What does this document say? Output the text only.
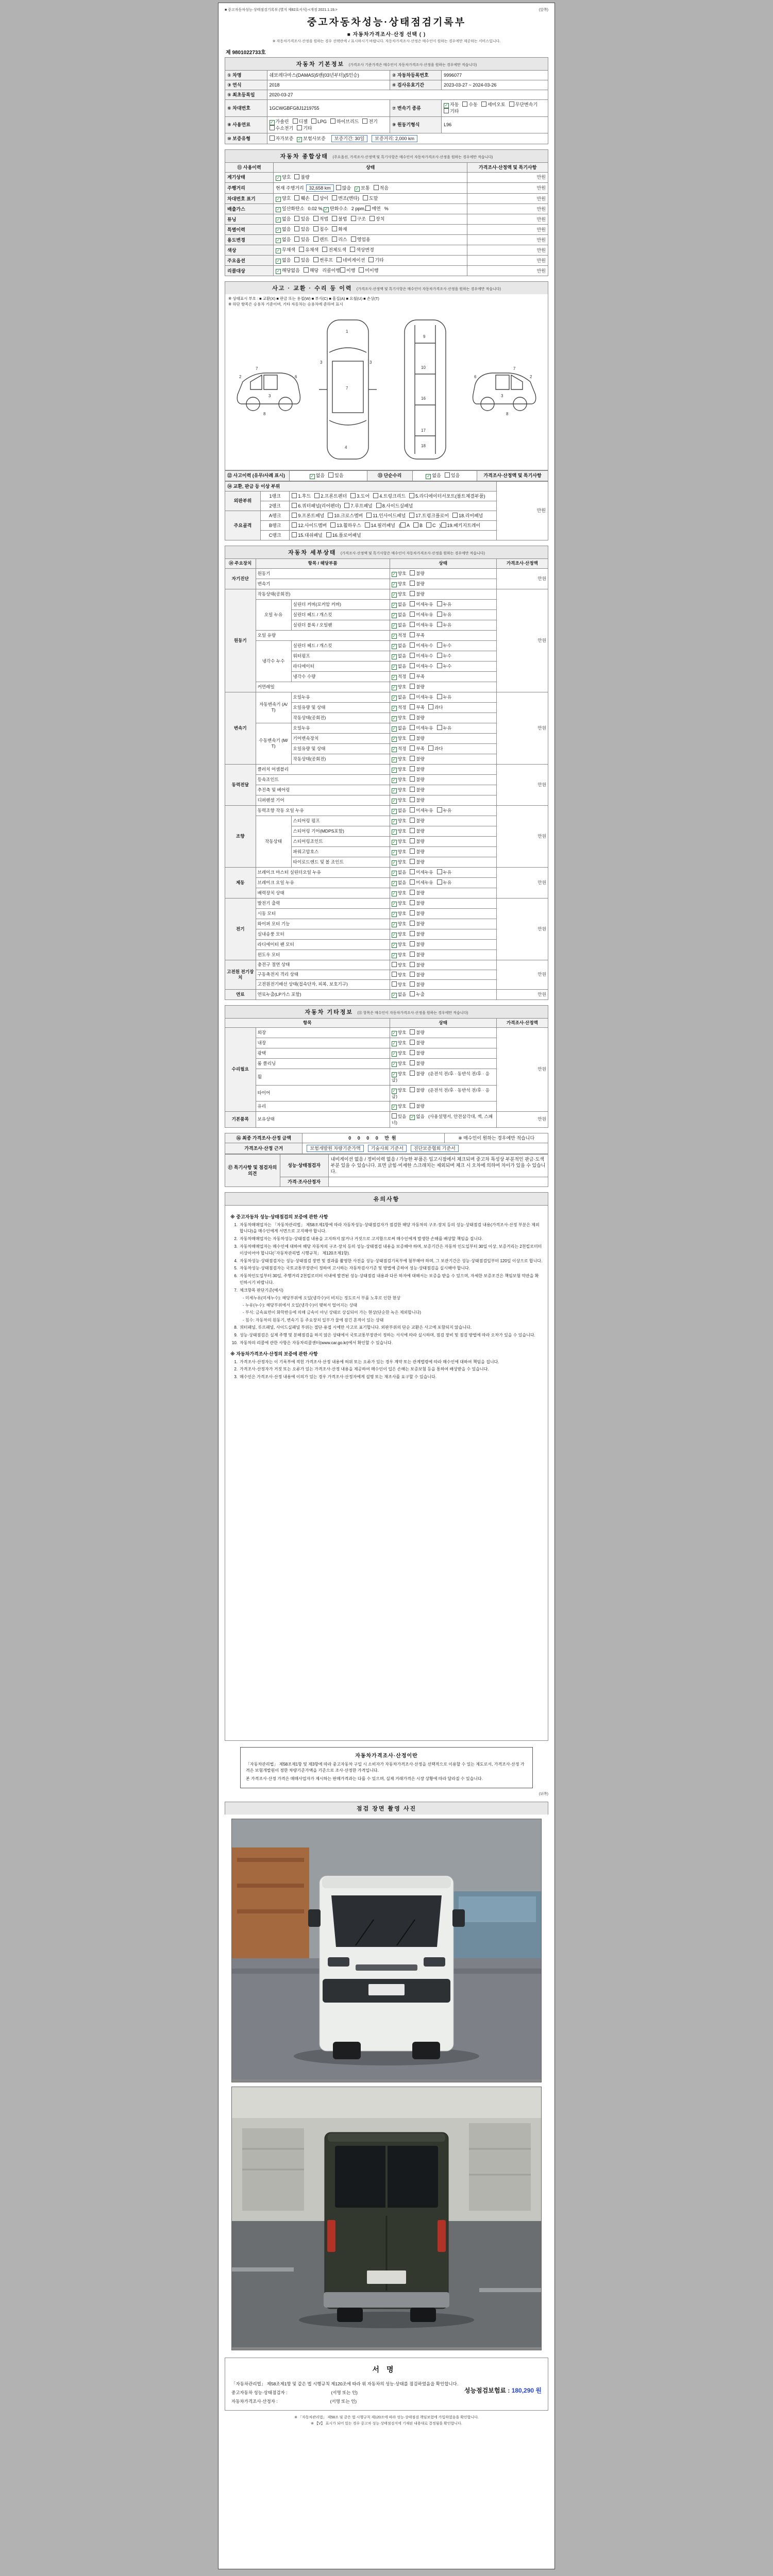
■ 중고자동차성능·상태점검기록부 (별지 제82호서식) <개정 2021.1.19.>	(앞쪽)
중고자동차성능·상태점검기록부
■ 자동차가격조사·산정 선택 ( )
※ 자동차가격조사·산정을 원하는 경우 선택란에 √ 표시하시기 바랍니다. 자동차가격조사·산정은 매수인이 원하는 경우에만 제공하는 서비스입니다.
제 9801022733호
자동차 기본정보 (가격조사 기준가격은 매수인이 자동차가격조사·산정을 원하는 경우에만 적습니다)
① 차명	쉐보레다마스(DAMAS)5밴(03년부터)(5인승)	② 자동차등록번호	9996077
③ 연식	2018	④ 검사유효기간	2023-03-27 ~ 2024-03-26
⑤ 최초등록일	2020-03-27		
⑥ 차대번호	1GCWGBFG8J1219755	⑦ 변속기 종류	✓ 자동 수동 세미오토 무단변속기기타
⑧ 사용연료	✓ 가솔린 디젤 LPG 하이브리드 전기수소전기 기타	⑨ 원동기형식	L96
⑩ 보증유형	자가보증 ✓ 보험사보증 보증기간: 30일 보증거리: 2,000 km		
자동차 종합상태 (주요옵션, 가격조사·산정액 및 특기사항은 매수인이 자동차가격조사·산정을 원하는 경우에만 적습니다)
⑪ 사용이력	상태	가격조사·산정액 및 특기사항
계기상태	✓ 양호 불량	만원
주행거리	현재 주행거리 32,658 km 많음 ✓ 보통 적음	만원
차대번호 표기	✓ 양호 훼손 상이 변조(변타) 도말	만원
배출가스	✓ 일산화탄소 0.02 %, ✓ 탄화수소 2 ppm, 매연 %	만원
튜닝	✓ 없음 있음 적법 불법 구조 장치	만원
특별이력	✓ 없음 있음 침수 화재	만원
용도변경	✓ 없음 있음 렌트 리스 영업용	만원
색상	✓ 무채색 유채색 전체도색 색상변경	만원
주요옵션	✓ 없음 있음 썬루프 네비게이션 기타	만원
리콜대상	✓ 해당없음 해당 리콜이행 이행 미이행	만원
사고 · 교환 · 수리 등 이력 (가격조사·산정액 및 특기사항은 매수인이 자동차가격조사·산정을 원하는 경우에만 적습니다)
※ 상태표시 부호 : ■ 교환(X) ■ 판금 또는 용접(W) ■ 부식(C) ■ 흠집(A) ■ 요철(U) ■ 손상(T)
※ 하단 항목은 승용차 기준이며, 기타 자동차는 승용차에 준하여 표시
7
2
3
6
8
1
7
4
3	3
9
10
16
17
18
7
2
3
6
8
⑫ 사고이력 (유무/사례 표시)	✓ 없음 있음	⑬ 단순수리	✓ 없음 있음	가격조사·산정액 및 특기사항
⑭ 교환, 판금 등 이상 부위			만원
외판부위	1랭크	1.후드 2.프론트펜더 3.도어 4.트렁크리드 5.라디에이터서포트(볼트체결부품)	
	2랭크	6.쿼터패널(리어펜더) 7.루프패널 8.사이드실패널	
주요골격	A랭크	9.프론트패널 10.크로스멤버 11.인사이드패널 17.트렁크플로어 18.리어패널	
	B랭크	12.사이드멤버 13.휠하우스 14.필러패널 ( A B C ) 19.패키지트레이	
	C랭크	15.대쉬패널 16.플로어패널	
자동차 세부상태 (가격조사·산정액 및 특기사항은 매수인이 자동차가격조사·산정을 원하는 경우에만 적습니다)
⑭ 주요장치	항목 / 해당부품		상태	가격조사·산정액
자기진단	원동기		✓ 양호 불량	만원
	변속기		✓ 양호 불량	
원동기	작동상태(공회전)		✓ 양호 불량	만원
	오일 누유	실린더 커버(로커암 커버)	✓ 없음 미세누유 누유	
		실린더 헤드 / 개스킷	✓ 없음 미세누유 누유	
		실린더 블록 / 오일팬	✓ 없음 미세누유 누유	
	오일 유량		✓ 적정 부족	
	냉각수 누수	실린더 헤드 / 개스킷	✓ 없음 미세누수 누수	
		워터펌프	✓ 없음 미세누수 누수	
		라디에이터	✓ 없음 미세누수 누수	
		냉각수 수량	✓ 적정 부족	
	커먼레일		✓ 양호 불량	
변속기	자동변속기 (A/T)	오일누유	✓ 없음 미세누유 누유	만원
		오일유량 및 상태	✓ 적정 부족 과다	
		작동상태(공회전)	✓ 양호 불량	
	수동변속기 (M/T)	오일누유	✓ 없음 미세누유 누유	
		기어변속장치	✓ 양호 불량	
		오일유량 및 상태	✓ 적정 부족 과다	
		작동상태(공회전)	✓ 양호 불량	
동력전달	클러치 어셈블리		✓ 양호 불량	만원
	등속조인트		✓ 양호 불량	
	추진축 및 베어링		✓ 양호 불량	
	디퍼렌셜 기어		✓ 양호 불량	
조향	동력조향 작동 오일 누유		✓ 없음 미세누유 누유	만원
	작동상태	스티어링 펌프	✓ 양호 불량	
		스티어링 기어(MDPS포함)	✓ 양호 불량	
		스티어링조인트	✓ 양호 불량	
		파워고압호스	✓ 양호 불량	
		타이로드엔드 및 볼 조인트	✓ 양호 불량	
제동	브레이크 마스터 실린더오일 누유		✓ 없음 미세누유 누유	만원
	브레이크 오일 누유		✓ 없음 미세누유 누유	
	배력장치 상태		✓ 양호 불량	
전기	발전기 출력		✓ 양호 불량	만원
	시동 모터		✓ 양호 불량	
	와이퍼 모터 기능		✓ 양호 불량	
	실내송풍 모터		✓ 양호 불량	
	라디에이터 팬 모터		✓ 양호 불량	
	윈도우 모터		✓ 양호 불량	
고전원 전기장치	충전구 절연 상태		양호 불량	만원
	구동축전지 격리 상태		양호 불량	
	고전원전기배선 상태(접속단자, 피복, 보호기구)		양호 불량	
연료	연료누출(LP가스 포함)		✓ 없음 누출	만원
자동차 기타정보 (⑮ 항목은 매수인이 자동차가격조사·산정을 원하는 경우에만 적습니다)
항목		상태	가격조사·산정액
수리필요	외장	✓ 양호 불량	만원
	내장	✓ 양호 불량	
	광택	✓ 양호 불량	
	룸 클리닝	✓ 양호 불량	
	휠	✓ 양호 불량 (운전석 전/후 · 동반석 전/후 · 응급)	
	타이어	✓ 양호 불량 (운전석 전/후 · 동반석 전/후 · 응급)	
	유리	✓ 양호 불량	
기본품목	보유상태	있음 ✓ 없음 (사용설명서, 안전삼각대, 잭, 스패너)	만원
⑯ 최종 가격조사·산정 금액	0 0 0 0 만원	※ 매수인이 원하는 경우에만 적습니다
가격조사·산정 근거	보험개발원 차량기준가액 기술사회 기준서 진단보증협회 기준서	
⑰ 특기사항 및 점검자의 의견	성능·상태점검자	내비게이션 없음 / 정비이력 없음 / 가능한 부품은 입고시점에서 체크되며 중고차 특성상 부분적인 판금·도색 부분 있을 수 있습니다. 표면 긁힘·미세한 스크래치는 제외되며 체크 시 오차에 의하여 차이가 있을 수 있습니다.
	가격·조사산정자	
유의사항
※ 중고자동차 성능·상태점검의 보증에 관한 사항
1. 자동차매매업자는 「자동차관리법」 제58조제1항에 따라 자동차성능·상태점검자가 점검한 해당 자동차의 구조·장치 등의 성능·상태점검 내용(가격조사·산정 부분은 제외합니다)을 매수인에게 서면으로 고지해야 합니다.
2. 자동차매매업자는 자동차성능·상태점검 내용을 고지하지 않거나 거짓으로 고지함으로써 매수인에게 발생한 손해를 배상할 책임을 집니다.
3. 자동차매매업자는 매수인에 대하여 해당 자동차의 구조·장치 등의 성능·상태점검 내용을 보증해야 하며, 보증기간은 자동차 인도일부터 30일 이상, 보증거리는 2천킬로미터 이상이어야 합니다(「자동차관리법 시행규칙」 제120조제1항).
4. 자동차성능·상태점검자는 성능·상태점검 장면 및 결과를 촬영한 사진을 성능·상태점검기록부에 첨부해야 하며, 그 보관기간은 성능·상태점검일부터 120일 이상으로 합니다.
5. 자동차성능·상태점검자는 국토교통부장관이 정하여 고시하는 자동차검사기준 및 방법에 준하여 성능·상태점검을 실시해야 합니다.
6. 자동차인도일부터 30일, 주행거리 2천킬로미터 이내에 발견된 성능·상태점검 내용과 다른 하자에 대해서는 보증을 받을 수 있으며, 자세한 보증조건은 책임보험 약관을 확인하시기 바랍니다.
7. 체크항목 판단기준(예시)
- 미세누유(미세누수): 해당부위에 오일(냉각수)이 비치는 정도로서 부품 노후로 인한 현상
- 누유(누수): 해당부위에서 오일(냉각수)이 맺혀서 떨어지는 상태
- 부식: 금속표면이 화학반응에 의해 금속이 아닌 상태로 상실되어 가는 현상(단순한 녹은 제외합니다)
- 침수: 자동차의 원동기, 변속기 등 주요장치 일부가 물에 잠긴 흔적이 있는 상태
8. 쿼터패널, 루프패널, 사이드실패널 부위는 절단·용접 시에만 사고로 표기합니다. 외판부위의 단순 교환은 사고에 포함되지 않습니다.
9. 성능·상태점검은 실제 주행 및 분해점검을 하지 않은 상태에서 국토교통부장관이 정하는 서식에 따라 실시하며, 점검 장비 및 점검 방법에 따라 오차가 있을 수 있습니다.
10. 자동차의 리콜에 관한 사항은 자동차리콜센터(www.car.go.kr)에서 확인할 수 있습니다.
※ 자동차가격조사·산정의 보증에 관한 사항
1. 가격조사·산정자는 이 기록부에 적힌 가격조사·산정 내용에 허위 또는 오류가 있는 경우 계약 또는 관계법령에 따라 매수인에 대하여 책임을 집니다.
2. 가격조사·산정자가 거짓 또는 오류가 있는 가격조사·산정 내용을 제공하여 매수인이 입은 손해는 보증보험 등을 통하여 배상받을 수 있습니다.
3. 매수인은 가격조사·산정 내용에 이의가 있는 경우 가격조사·산정자에게 설명 또는 재조사를 요구할 수 있습니다.
자동차가격조사·산정이란
「자동차관리법」 제58조제1항 및 제3항에 따라 중고자동차 구입 시 소비자가 자동차가격조사·산정을 선택적으로 이용할 수 있는 제도로서, 가격조사·산정 가격은 보험개발원이 정한 차량기준가액을 기준으로 조사·산정한 가격입니다.
본 가격조사·산정 가격은 매매사업자가 제시하는 판매가격과는 다를 수 있으며, 실제 거래가격은 시장 상황에 따라 달라질 수 있습니다.
(뒤쪽)
점검 장면 촬영 사진
서명
「자동차관리법」 제58조제1항 및 같은 법 시행규칙 제120조에 따라 위 자동차의 성능·상태를 점검하였음을 확인합니다.
중고자동차 성능·상태점검자 :　　　　　　　　　　(서명 또는 인)
자동차가격조사·산정자 :　　　　　　　　　　　　(서명 또는 인)
성능점검보험료 : 180,290 원
※ 「자동차관리법」 제58조 및 같은 법 시행규칙 제120조에 따라 성능·상태점검 책임보험에 가입하였음을 확인합니다.
※ 【V】 표시가 되어 있는 경우 중고차 성능·상태점검지에 기재된 내용대로 결정됨을 확인합니다.
